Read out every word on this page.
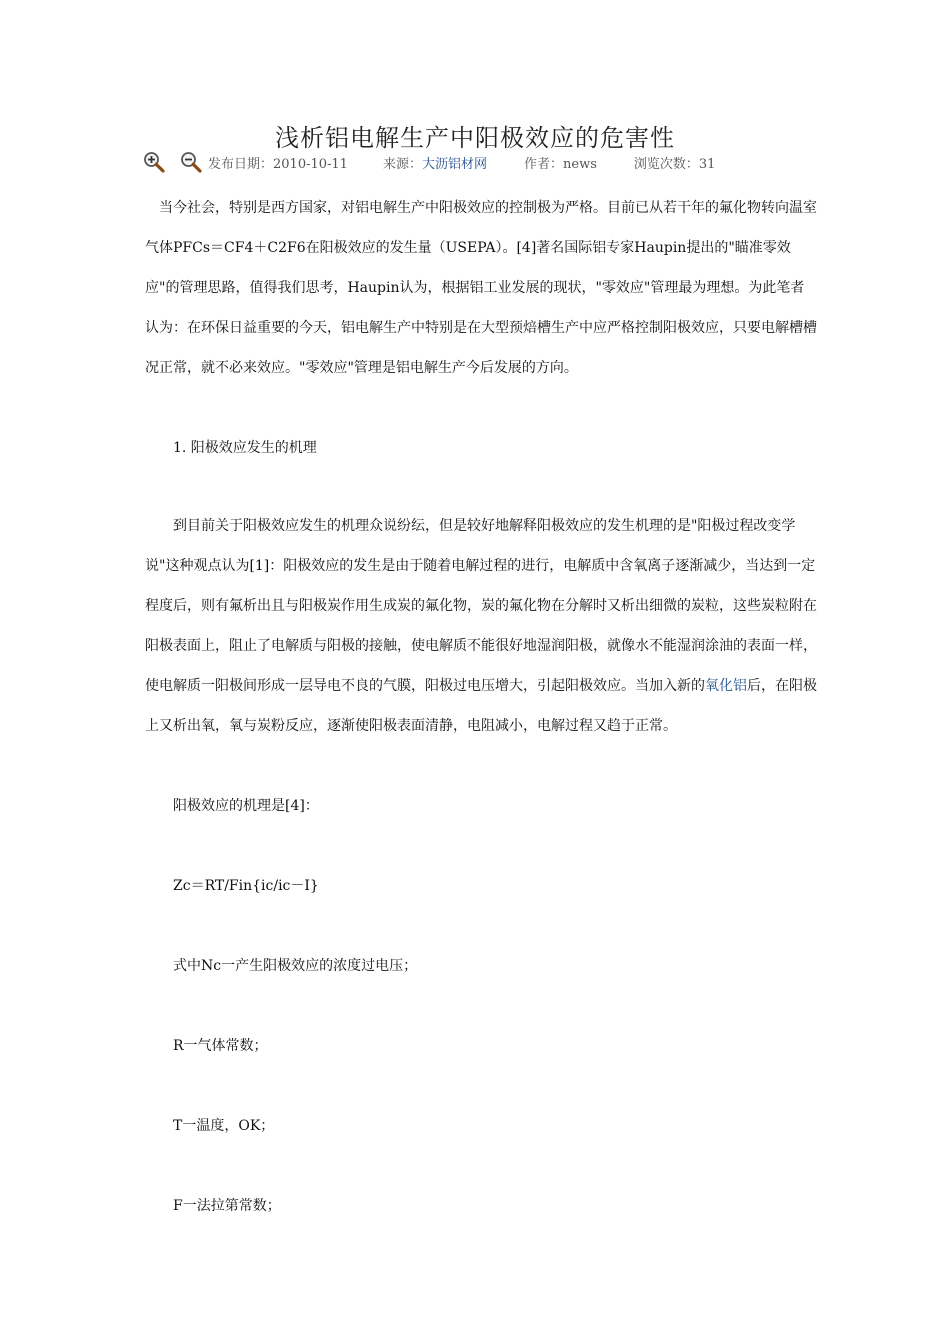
浅析铝电解生产中阳极效应的危害性
发布日期：2010-10-11	来源：大沥铝材网	作者：news	浏览次数：31
当今社会，特别是西方国家，对铝电解生产中阳极效应的控制极为严格。目前已从若干年的氟化物转向温室气体PFCs＝CF4＋C2F6在阳极效应的发生量（USEPA）。[4]著名国际铝专家Haupin提出的"瞄准零效应"的管理思路，值得我们思考，Haupin认为，根据铝工业发展的现状，"零效应"管理最为理想。为此笔者认为：在环保日益重要的今天，铝电解生产中特别是在大型预焙槽生产中应严格控制阳极效应，只要电解槽槽况正常，就不必来效应。"零效应"管理是铝电解生产今后发展的方向。
1. 阳极效应发生的机理
到目前关于阳极效应发生的机理众说纷纭，但是较好地解释阳极效应的发生机理的是"阳极过程改变学说"这种观点认为[1]：阳极效应的发生是由于随着电解过程的进行，电解质中含氧离子逐渐减少，当达到一定程度后，则有氟析出且与阳极炭作用生成炭的氟化物，炭的氟化物在分解时又析出细微的炭粒，这些炭粒附在阳极表面上，阻止了电解质与阳极的接触，使电解质不能很好地湿润阳极，就像水不能湿润涂油的表面一样，使电解质一阳极间形成一层导电不良的气膜，阳极过电压增大，引起阳极效应。当加入新的氧化铝后，在阳极上又析出氧，氧与炭粉反应，逐渐使阳极表面清静，电阻减小，电解过程又趋于正常。
阳极效应的机理是[4]：
Zc＝RT/Fin{ic/ic－I}
式中Nc一产生阳极效应的浓度过电压；
R一气体常数；
T一温度，OK；
F一法拉第常数；
